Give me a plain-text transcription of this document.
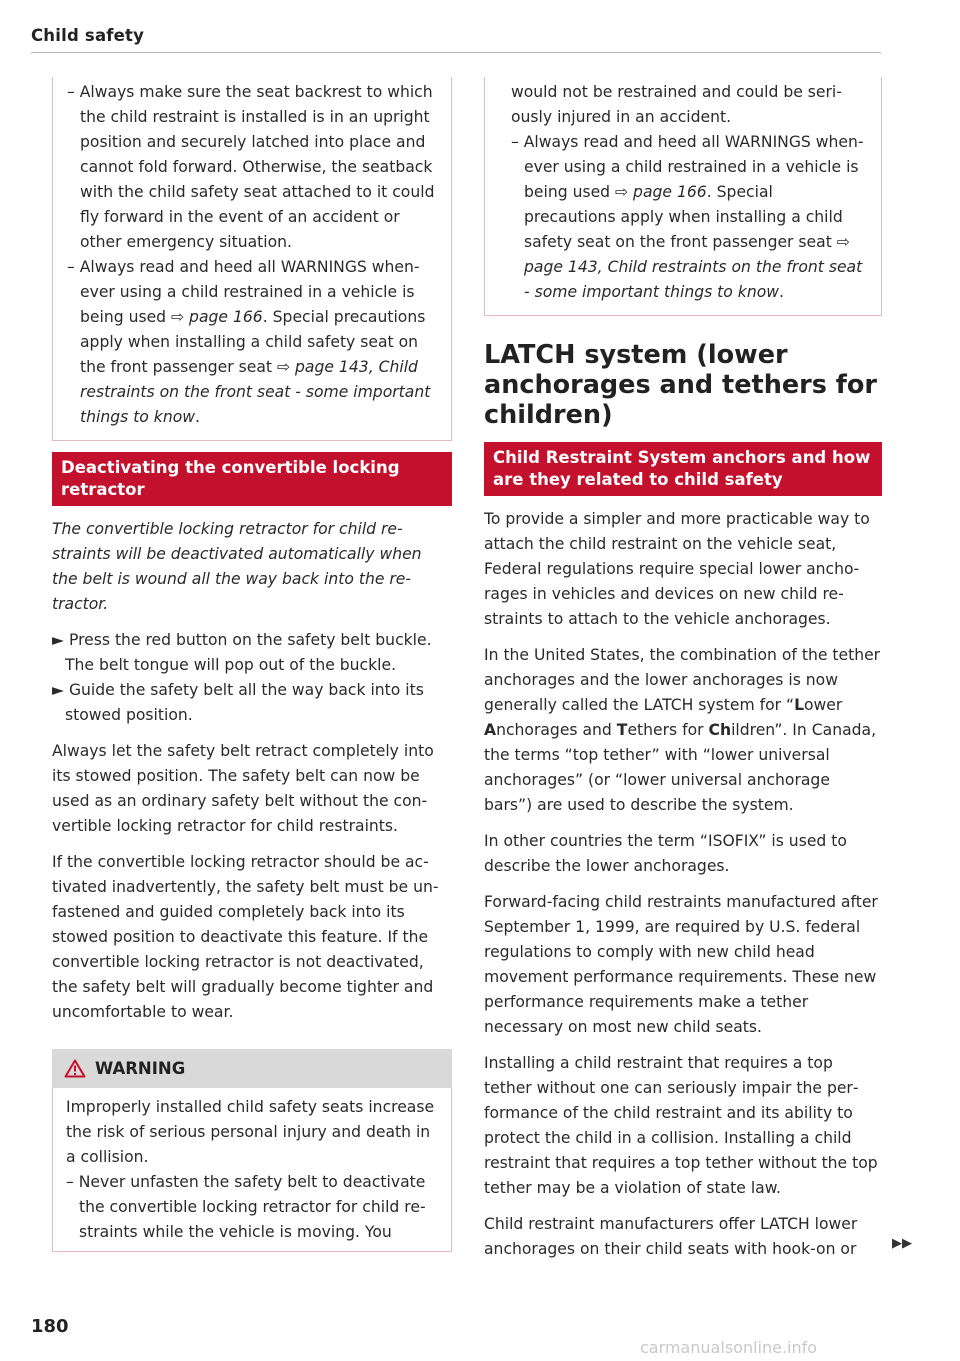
Child safety

– Always make sure the seat backrest to which the child restraint is installed is in an upright position and securely latched into place and cannot fold forward. Otherwise, the seatback with the child safety seat attached to it could fly forward in the event of an accident or other emergency situation.

– Always read and heed all WARNINGS whenever using a child restrained in a vehicle is being used ⇨ page 166. Special precautions apply when installing a child safety seat on the front passenger seat ⇨ page 143, Child restraints on the front seat - some important things to know.

Deactivating the convertible locking retractor

The convertible locking retractor for child restraints will be deactivated automatically when the belt is wound all the way back into the retractor.

► Press the red button on the safety belt buckle. The belt tongue will pop out of the buckle.

► Guide the safety belt all the way back into its stowed position.

Always let the safety belt retract completely into its stowed position. The safety belt can now be used as an ordinary safety belt without the convertible locking retractor for child restraints.

If the convertible locking retractor should be activated inadvertently, the safety belt must be unfastened and guided completely back into its stowed position to deactivate this feature. If the convertible locking retractor is not deactivated, the safety belt will gradually become tighter and uncomfortable to wear.

WARNING

Improperly installed child safety seats increase the risk of serious personal injury and death in a collision.

– Never unfasten the safety belt to deactivate the convertible locking retractor for child restraints while the vehicle is moving. You

would not be restrained and could be seriously injured in an accident.

– Always read and heed all WARNINGS whenever using a child restrained in a vehicle is being used ⇨ page 166. Special precautions apply when installing a child safety seat on the front passenger seat ⇨ page 143, Child restraints on the front seat - some important things to know.

LATCH system (lower anchorages and tethers for children)
Child Restraint System anchors and how are they related to child safety

To provide a simpler and more practicable way to attach the child restraint on the vehicle seat, Federal regulations require special lower anchorages in vehicles and devices on new child restraints to attach to the vehicle anchorages.

In the United States, the combination of the tether anchorages and the lower anchorages is now generally called the LATCH system for “Lower Anchorages and Tethers for Children”. In Canada, the terms “top tether” with “lower universal anchorages” (or “lower universal anchorage bars”) are used to describe the system.

In other countries the term “ISOFIX” is used to describe the lower anchorages.

Forward-facing child restraints manufactured after September 1, 1999, are required by U.S. federal regulations to comply with new child head movement performance requirements. These new performance requirements make a tether necessary on most new child seats.

Installing a child restraint that requires a top tether without one can seriously impair the performance of the child restraint and its ability to protect the child in a collision. Installing a child restraint that requires a top tether without the top tether may be a violation of state law.

Child restraint manufacturers offer LATCH lower anchorages on their child seats with hook-on or	▶▶
180
carmanualsonline.info
